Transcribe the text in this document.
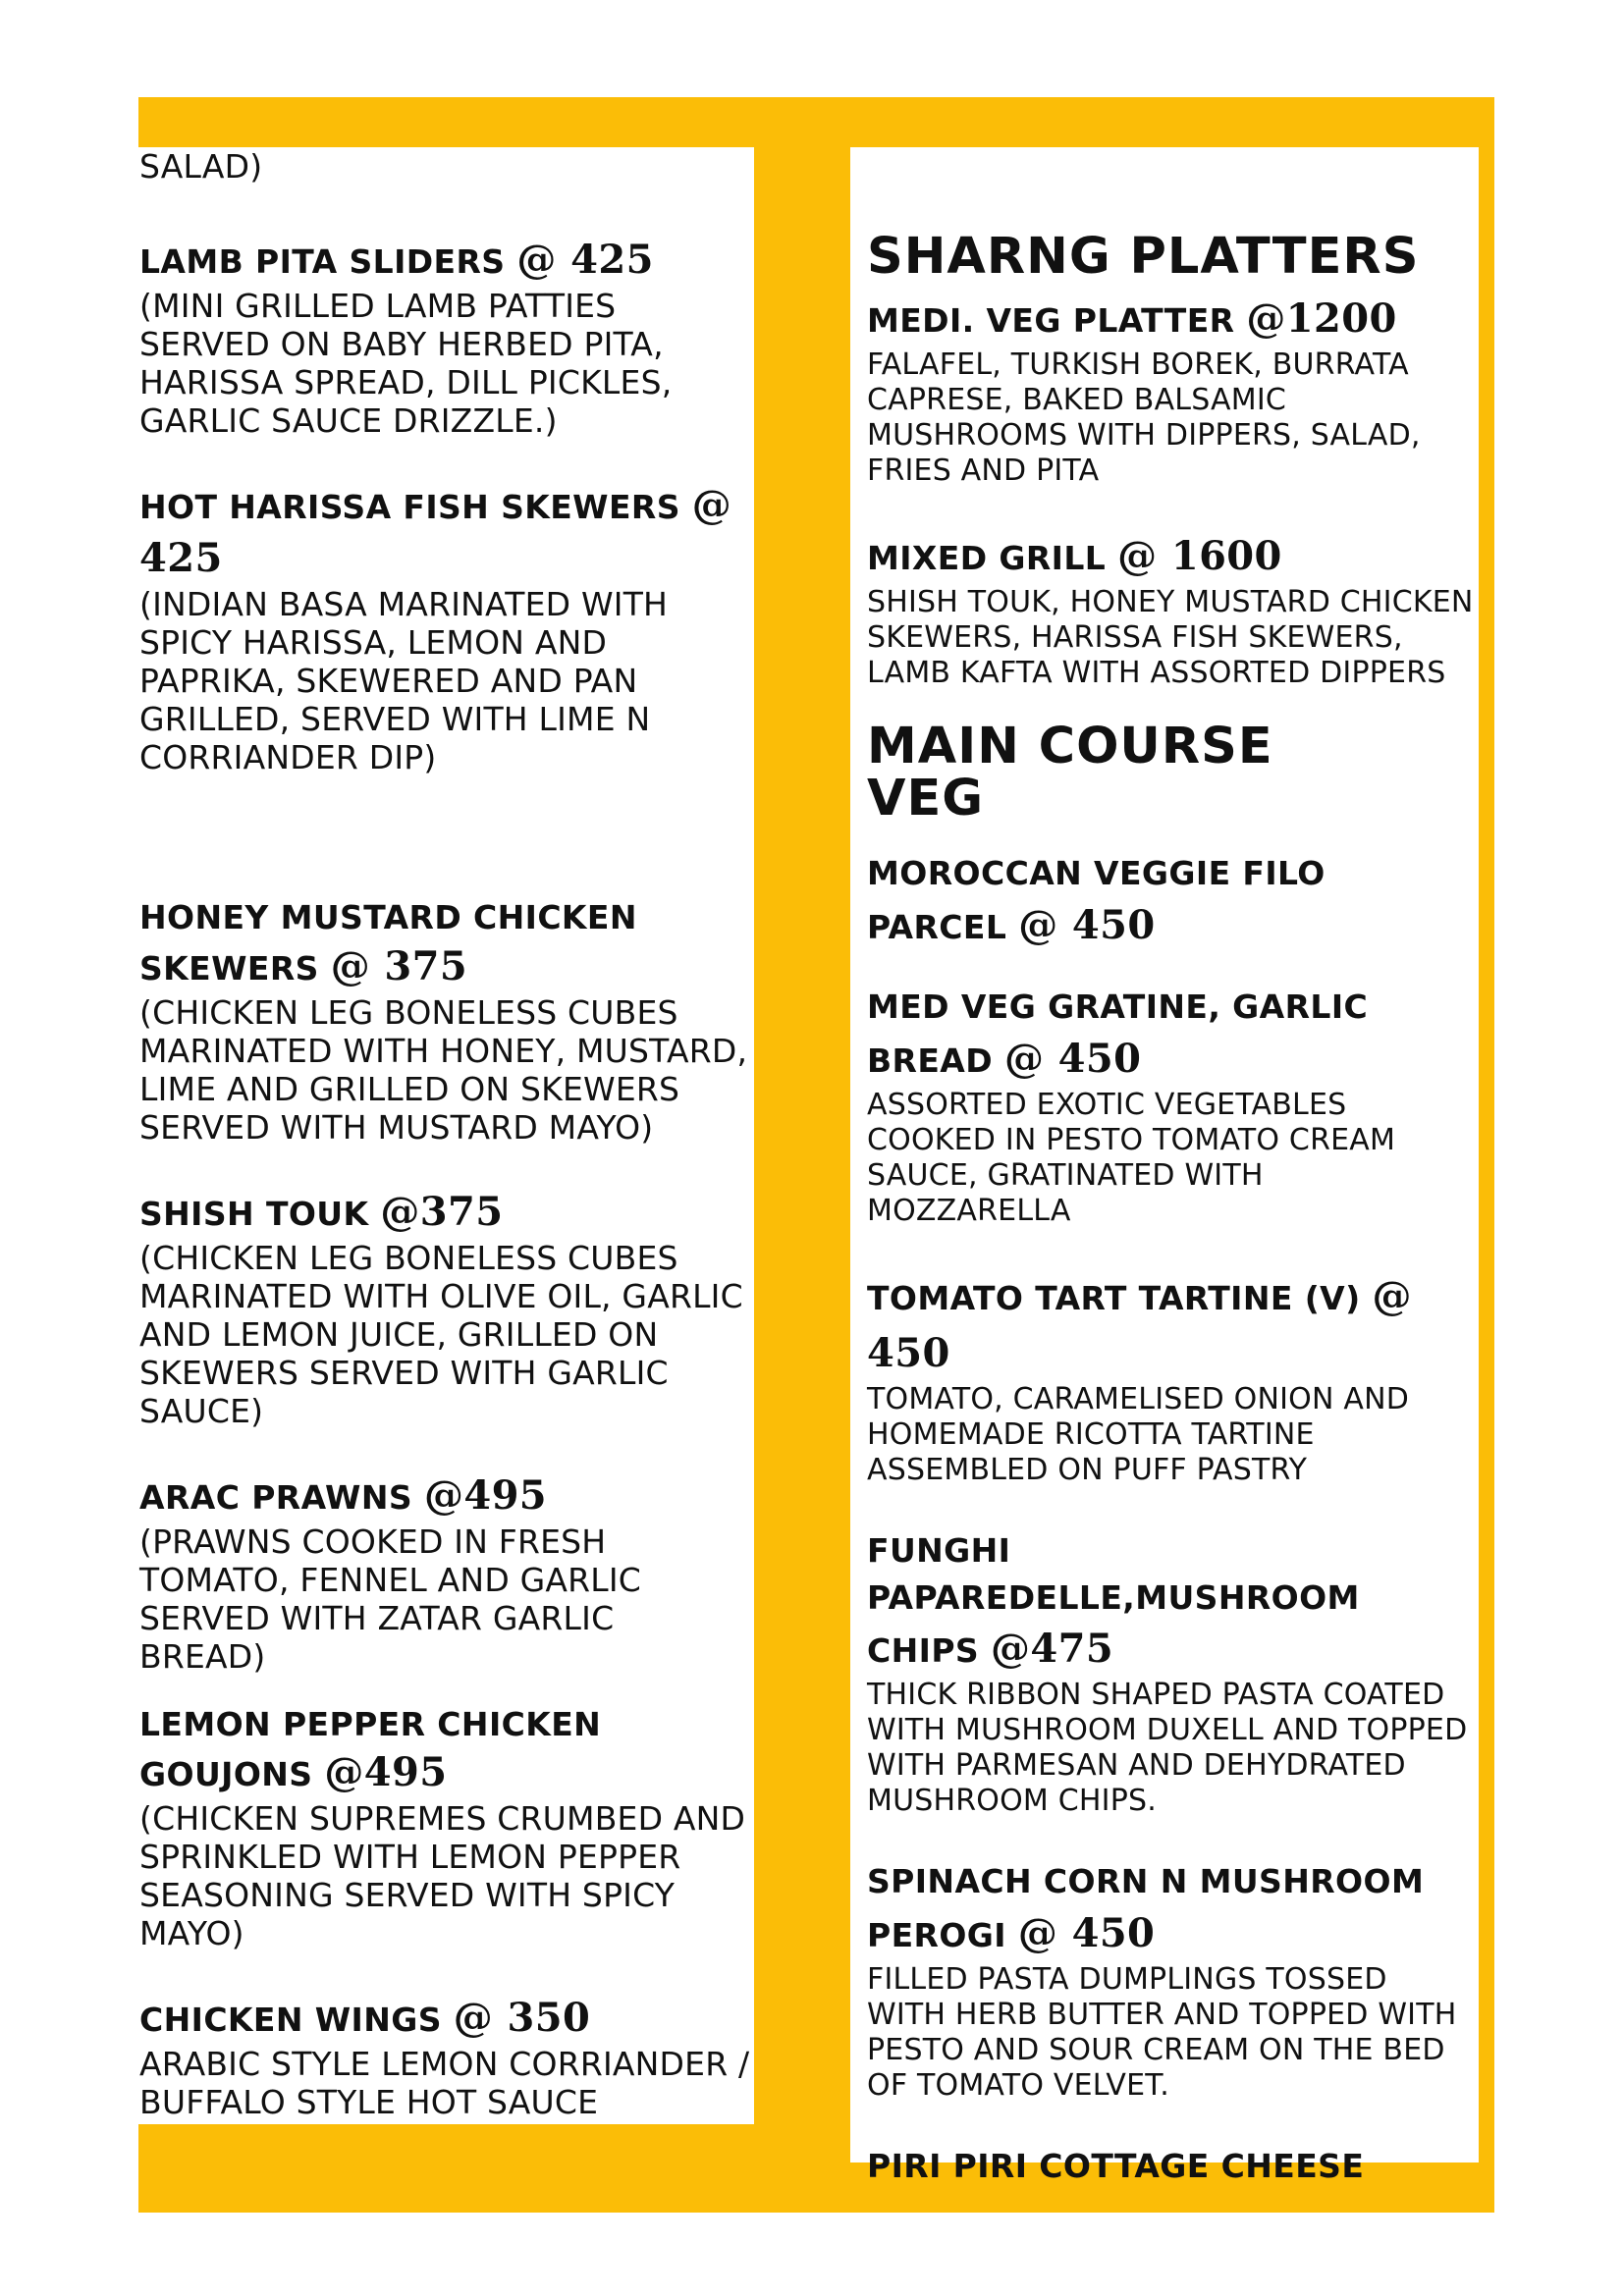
SALAD)

LAMB PITA SLIDERS @ 425

(MINI GRILLED LAMB PATTIES SERVED ON BABY HERBED PITA, HARISSA SPREAD, DILL PICKLES, GARLIC SAUCE DRIZZLE.)

HOT HARISSA FISH SKEWERS @ 425

(INDIAN BASA MARINATED WITH SPICY HARISSA, LEMON AND PAPRIKA, SKEWERED AND PAN GRILLED, SERVED WITH LIME N CORRIANDER DIP)

HONEY MUSTARD CHICKEN SKEWERS @ 375

(CHICKEN LEG BONELESS CUBES MARINATED WITH HONEY, MUSTARD, LIME AND GRILLED ON SKEWERS SERVED WITH MUSTARD MAYO)

SHISH TOUK @375

(CHICKEN LEG BONELESS CUBES MARINATED WITH OLIVE OIL, GARLIC AND LEMON JUICE, GRILLED ON SKEWERS SERVED WITH GARLIC SAUCE)

ARAC PRAWNS @495

(PRAWNS COOKED IN FRESH TOMATO, FENNEL AND GARLIC SERVED WITH ZATAR GARLIC BREAD)

LEMON PEPPER CHICKEN GOUJONS @495

(CHICKEN SUPREMES CRUMBED AND SPRINKLED WITH LEMON PEPPER SEASONING SERVED WITH SPICY MAYO)

CHICKEN WINGS @ 350

ARABIC STYLE LEMON CORRIANDER / BUFFALO STYLE HOT SAUCE

SHARNG PLATTERS

MEDI. VEG PLATTER @1200

FALAFEL, TURKISH BOREK, BURRATA CAPRESE, BAKED BALSAMIC MUSHROOMS WITH DIPPERS, SALAD, FRIES AND PITA

MIXED GRILL @ 1600

SHISH TOUK, HONEY MUSTARD CHICKEN SKEWERS, HARISSA FISH SKEWERS, LAMB KAFTA WITH ASSORTED DIPPERS

MAIN COURSE
VEG

MOROCCAN VEGGIE FILO PARCEL @ 450

MED VEG GRATINE, GARLIC BREAD @ 450

ASSORTED EXOTIC VEGETABLES COOKED IN PESTO TOMATO CREAM SAUCE, GRATINATED WITH MOZZARELLA

TOMATO TART TARTINE (V) @ 450

TOMATO, CARAMELISED ONION AND HOMEMADE RICOTTA TARTINE ASSEMBLED ON PUFF PASTRY

FUNGHI PAPAREDELLE,MUSHROOM CHIPS @475

THICK RIBBON SHAPED PASTA COATED WITH MUSHROOM DUXELL AND TOPPED WITH PARMESAN AND DEHYDRATED MUSHROOM CHIPS.

SPINACH CORN N MUSHROOM PEROGI @ 450

FILLED PASTA DUMPLINGS TOSSED WITH HERB BUTTER AND TOPPED WITH PESTO AND SOUR CREAM ON THE BED OF TOMATO VELVET.

PIRI PIRI COTTAGE CHEESE
